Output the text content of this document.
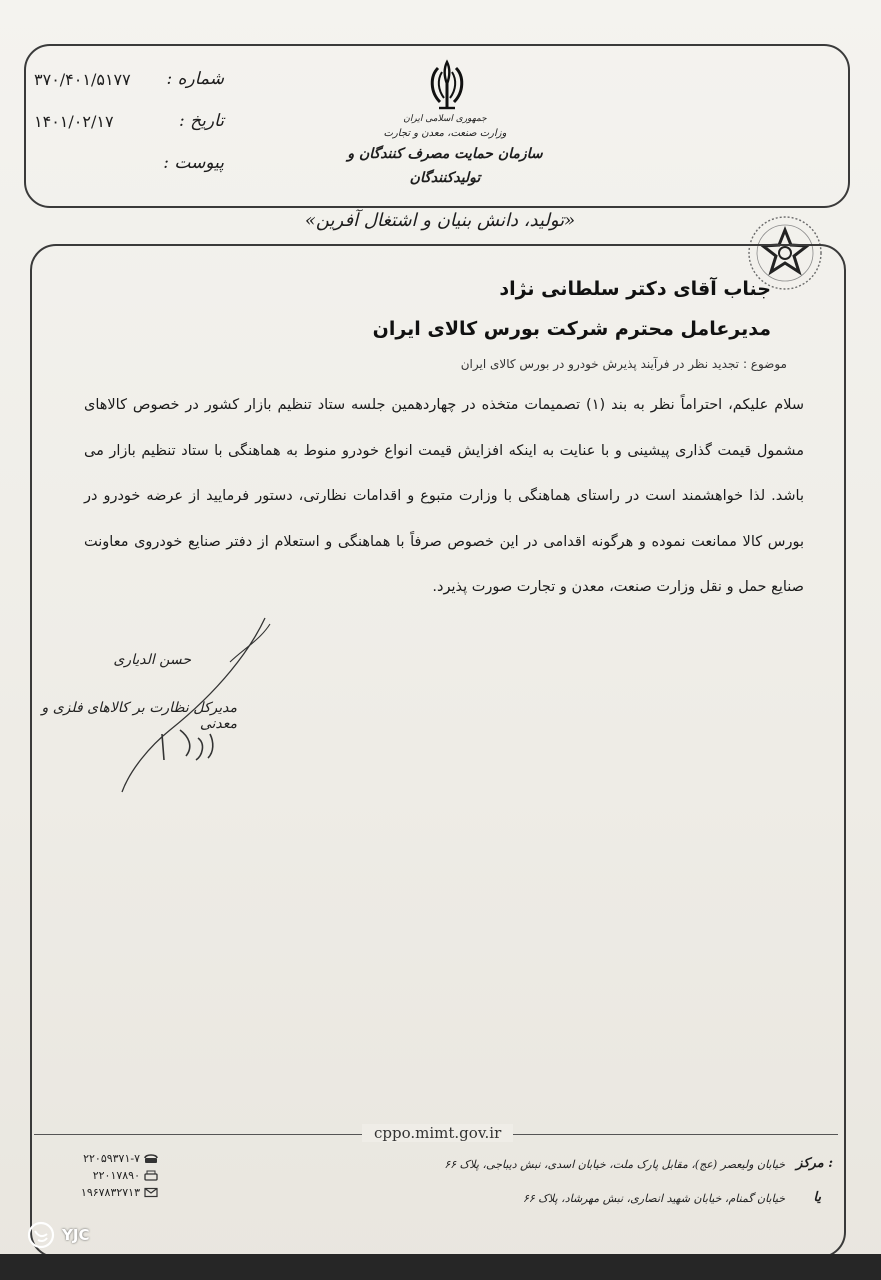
شماره :
۳۷۰/۴۰۱/۵۱۷۷
تاریخ :
۱۴۰۱/۰۲/۱۷
پیوست :
جمهوری اسلامی ایران
وزارت صنعت، معدن و تجارت
سازمان حمایت مصرف کنندگان و تولیدکنندگان
«تولید، دانش بنیان و اشتغال آفرین»
جناب آقای دکتر سلطانی نژاد
مدیرعامل محترم شرکت بورس کالای ایران
موضوع :تجدید نظر در فرآیند پذیرش خودرو در بورس کالای ایران
سلام علیکم، احتراماً نظر به بند (۱) تصمیمات متخذه در چهاردهمین جلسه ستاد تنظیم بازار کشور در خصوص کالاهای مشمول قیمت گذاری پیشینی و با عنایت به اینکه افزایش قیمت انواع خودرو منوط به هماهنگی با ستاد تنظیم بازار می باشد. لذا خواهشمند است در راستای هماهنگی با وزارت متبوع و اقدامات نظارتی، دستور فرمایید از عرضه خودرو در بورس کالا ممانعت نموده و هرگونه اقدامی در این خصوص صرفاً با هماهنگی و استعلام از دفتر صنایع خودروی معاونت صنایع حمل و نقل وزارت صنعت، معدن و تجارت صورت پذیرد.
حسن الدیاری
مدیرکل نظارت بر کالاهای فلزی و معدنی
cppo.mimt.gov.ir
۲۲۰۵۹۳۷۱-۷
۲۲۰۱۷۸۹۰
۱۹۶۷۸۳۲۷۱۳
مرکز :
خیابان ولیعصر (عج)، مقابل پارک ملت، خیابان اسدی، نبش دیباجی، پلاک ۶۶
یا
خیابان گمنام، خیابان شهید انصاری، نبش مهرشاد، پلاک ۶۶
YJC
